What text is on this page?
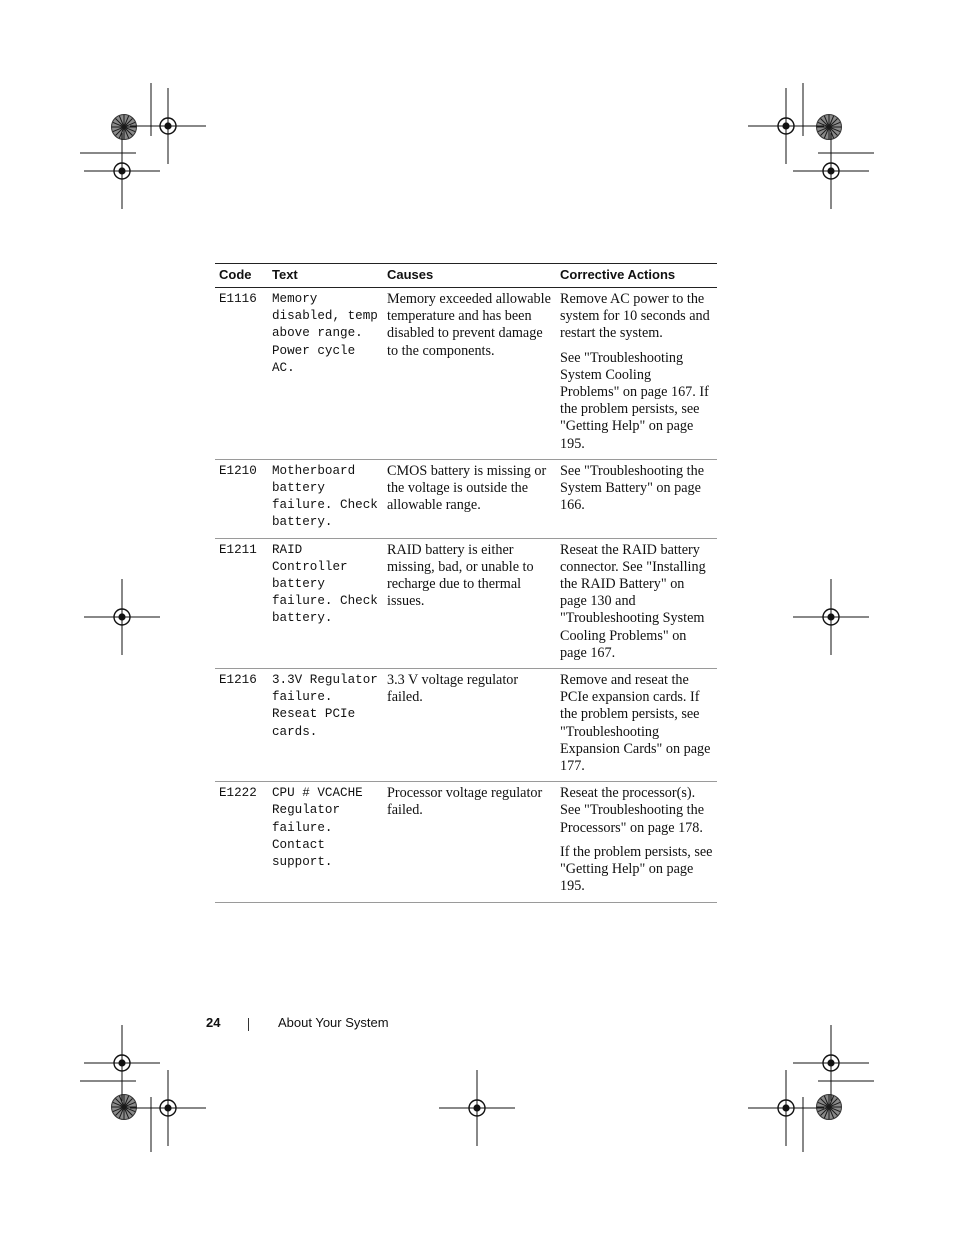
Code	Text	Causes	Corrective Actions
E1116	Memory disabled, temp above range. Power cycle AC.	Memory exceeded allowable temperature and has been disabled to prevent damage to the components.	Remove AC power to the system for 10 seconds and restart the system.

See "Troubleshooting System Cooling Problems" on page 167. If the problem persists, see "Getting Help" on page 195.

E1210	Motherboard battery failure. Check battery.	CMOS battery is missing or the voltage is outside the allowable range.	See "Troubleshooting the System Battery" on page 166.

E1211	RAID Controller battery failure. Check battery.	RAID battery is either missing, bad, or unable to recharge due to thermal issues.	Reseat the RAID battery connector. See "Installing the RAID Battery" on page 130 and "Troubleshooting System Cooling Problems" on page 167.

E1216	3.3V Regulator failure. Reseat PCIe cards.	3.3 V voltage regulator failed.	Remove and reseat the PCIe expansion cards. If the problem persists, see "Troubleshooting Expansion Cards" on page 177.

E1222	CPU # VCACHE Regulator failure. Contact support.	Processor voltage regulator failed.	Reseat the processor(s). See "Troubleshooting the Processors" on page 178.

If the problem persists, see "Getting Help" on page 195.

24	About Your System
